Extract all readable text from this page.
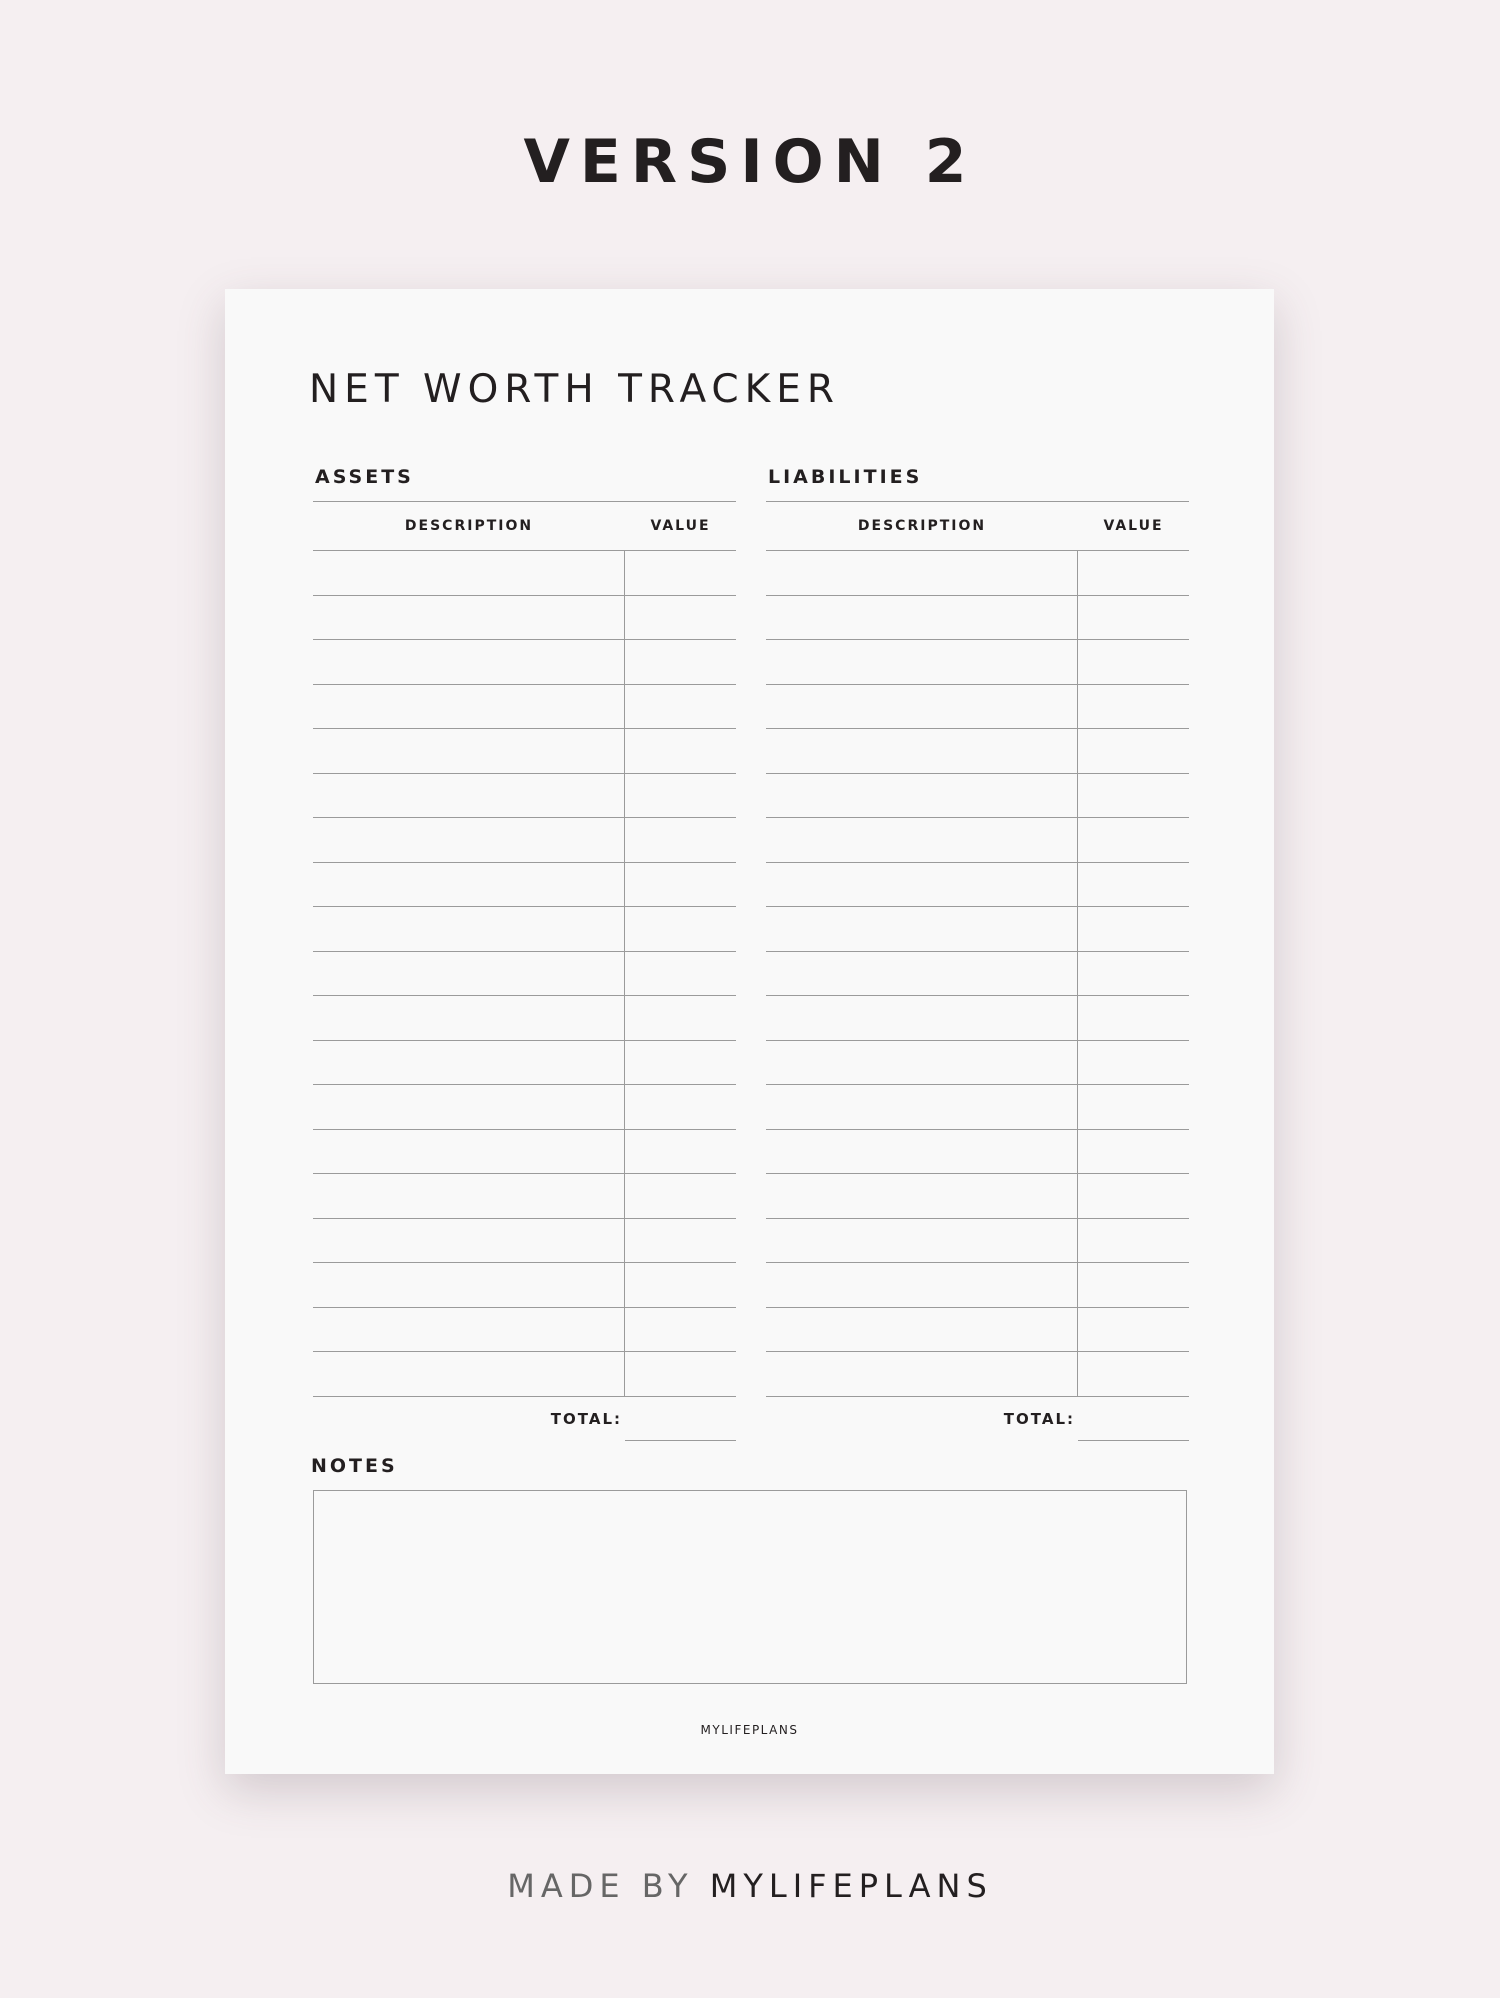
VERSION 2
NET WORTH TRACKER
ASSETS
DESCRIPTION	VALUE
TOTAL:
LIABILITIES
DESCRIPTION	VALUE
TOTAL:
NOTES
MYLIFEPLANS
MADE BY MYLIFEPLANS
